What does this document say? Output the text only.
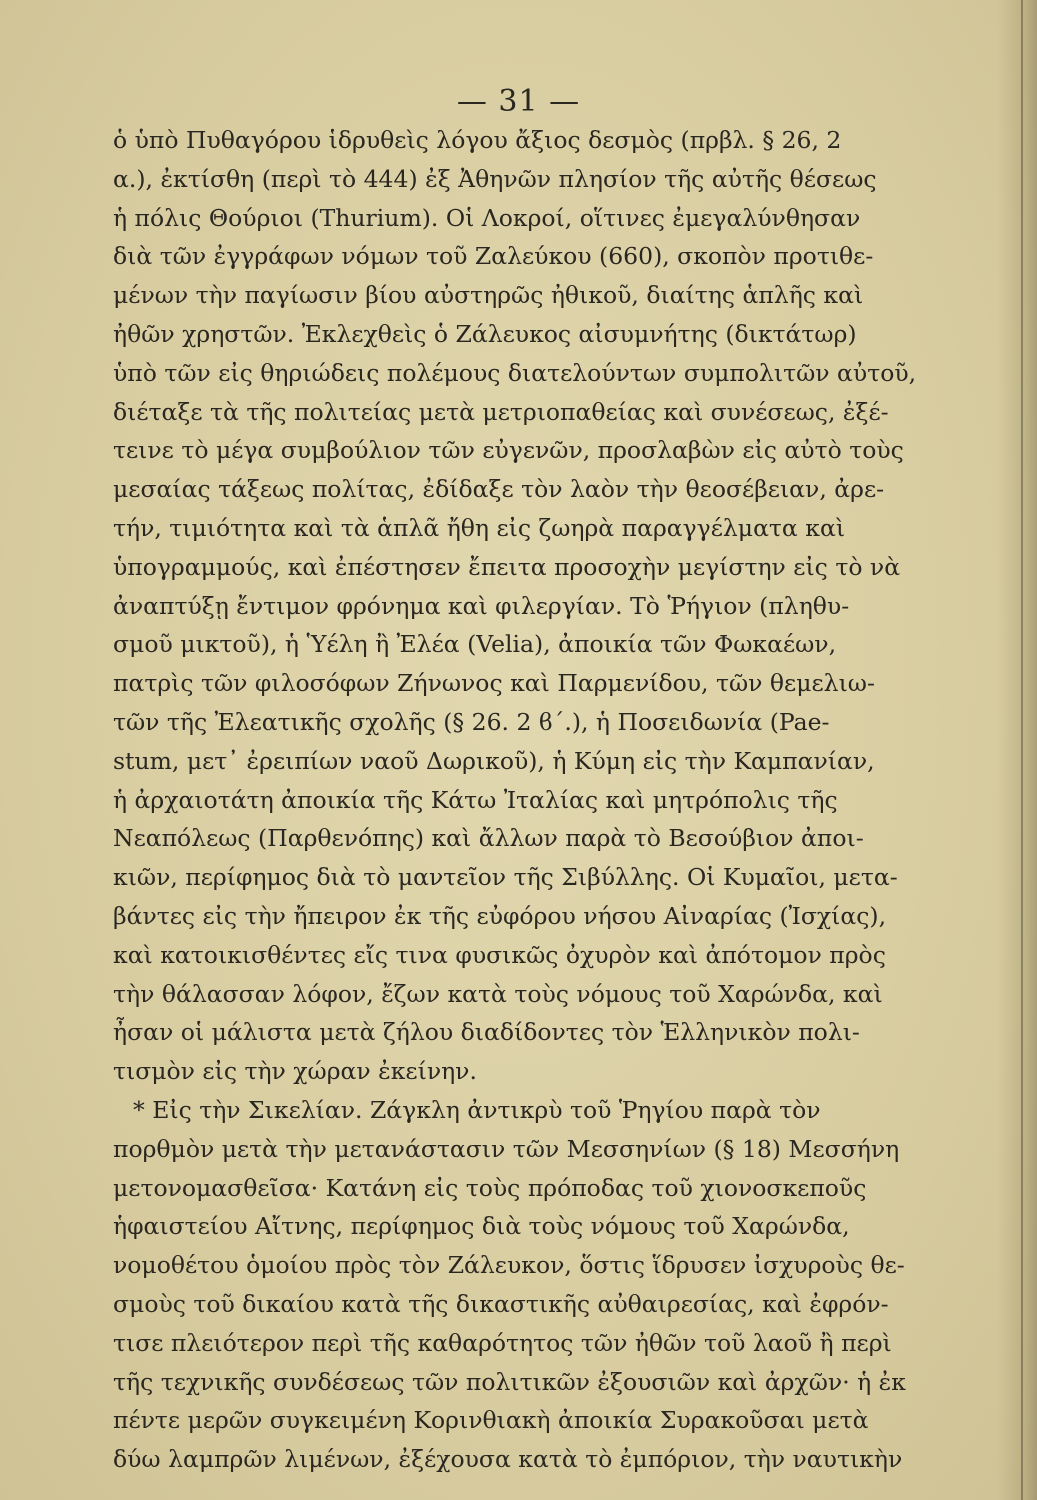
— 31 —
ὁ ὑπὸ Πυθαγόρου ἱδρυθεὶς λόγου ἄξιος δεσμὸς (πρβλ. § 26, 2
α.), ἐκτίσθη (περὶ τὸ 444) ἐξ Ἀθηνῶν πλησίον τῆς αὐτῆς θέσεως
ἡ πόλις Θούριοι (Thurium). Οἱ Λοκροί, οἵτινες ἐμεγαλύνθησαν
διὰ τῶν ἐγγράφων νόμων τοῦ Ζαλεύκου (660), σκοπὸν προτιθε-
μένων τὴν παγίωσιν βίου αὐστηρῶς ἠθικοῦ, διαίτης ἁπλῆς καὶ
ἠθῶν χρηστῶν. Ἐκλεχθεὶς ὁ Ζάλευκος αἰσυμνήτης (δικτάτωρ)
ὑπὸ τῶν εἰς θηριώδεις πολέμους διατελούντων συμπολιτῶν αὐτοῦ,
διέταξε τὰ τῆς πολιτείας μετὰ μετριοπαθείας καὶ συνέσεως, ἐξέ-
τεινε τὸ μέγα συμβούλιον τῶν εὐγενῶν, προσλαβὼν εἰς αὐτὸ τοὺς
μεσαίας τάξεως πολίτας, ἐδίδαξε τὸν λαὸν τὴν θεοσέβειαν, ἀρε-
τήν, τιμιότητα καὶ τὰ ἁπλᾶ ἤθη εἰς ζωηρὰ παραγγέλματα καὶ
ὑπογραμμούς, καὶ ἐπέστησεν ἔπειτα προσοχὴν μεγίστην εἰς τὸ νὰ
ἀναπτύξῃ ἔντιμον φρόνημα καὶ φιλεργίαν. Τὸ Ῥήγιον (πληθυ-
σμοῦ μικτοῦ), ἡ Ὑέλη ἢ Ἐλέα (Velia), ἀποικία τῶν Φωκαέων,
πατρὶς τῶν φιλοσόφων Ζήνωνος καὶ Παρμενίδου, τῶν θεμελιω-
τῶν τῆς Ἐλεατικῆς σχολῆς (§ 26. 2 ϐ΄.), ἡ Ποσειδωνία (Pae-
stum, μετ᾽ ἐρειπίων ναοῦ Δωρικοῦ), ἡ Κύμη εἰς τὴν Καμπανίαν,
ἡ ἀρχαιοτάτη ἀποικία τῆς Κάτω Ἰταλίας καὶ μητρόπολις τῆς
Νεαπόλεως (Παρθενόπης) καὶ ἄλλων παρὰ τὸ Βεσούβιον ἀποι-
κιῶν, περίφημος διὰ τὸ μαντεῖον τῆς Σιβύλλης. Οἱ Κυμαῖοι, μετα-
βάντες εἰς τὴν ἤπειρον ἐκ τῆς εὐφόρου νήσου Αἰναρίας (Ἰσχίας),
καὶ κατοικισθέντες εἴς τινα φυσικῶς ὀχυρὸν καὶ ἀπότομον πρὸς
τὴν θάλασσαν λόφον, ἔζων κατὰ τοὺς νόμους τοῦ Χαρώνδα, καὶ
ἦσαν οἱ μάλιστα μετὰ ζήλου διαδίδοντες τὸν Ἑλληνικὸν πολι-
τισμὸν εἰς τὴν χώραν ἐκείνην.
* Εἰς τὴν Σικελίαν. Ζάγκλη ἀντικρὺ τοῦ Ῥηγίου παρὰ τὸν
πορθμὸν μετὰ τὴν μετανάστασιν τῶν Μεσσηνίων (§ 18) Μεσσήνη
μετονομασθεῖσα· Κατάνη εἰς τοὺς πρόποδας τοῦ χιονοσκεποῦς
ἡφαιστείου Αἴτνης, περίφημος διὰ τοὺς νόμους τοῦ Χαρώνδα,
νομοθέτου ὁμοίου πρὸς τὸν Ζάλευκον, ὅστις ἵδρυσεν ἰσχυροὺς θε-
σμοὺς τοῦ δικαίου κατὰ τῆς δικαστικῆς αὐθαιρεσίας, καὶ ἐφρόν-
τισε πλειότερον περὶ τῆς καθαρότητος τῶν ἠθῶν τοῦ λαοῦ ἢ περὶ
τῆς τεχνικῆς συνδέσεως τῶν πολιτικῶν ἐξουσιῶν καὶ ἀρχῶν· ἡ ἐκ
πέντε μερῶν συγκειμένη Κορινθιακὴ ἀποικία Συρακοῦσαι μετὰ
δύω λαμπρῶν λιμένων, ἐξέχουσα κατὰ τὸ ἐμπόριον, τὴν ναυτικὴν
